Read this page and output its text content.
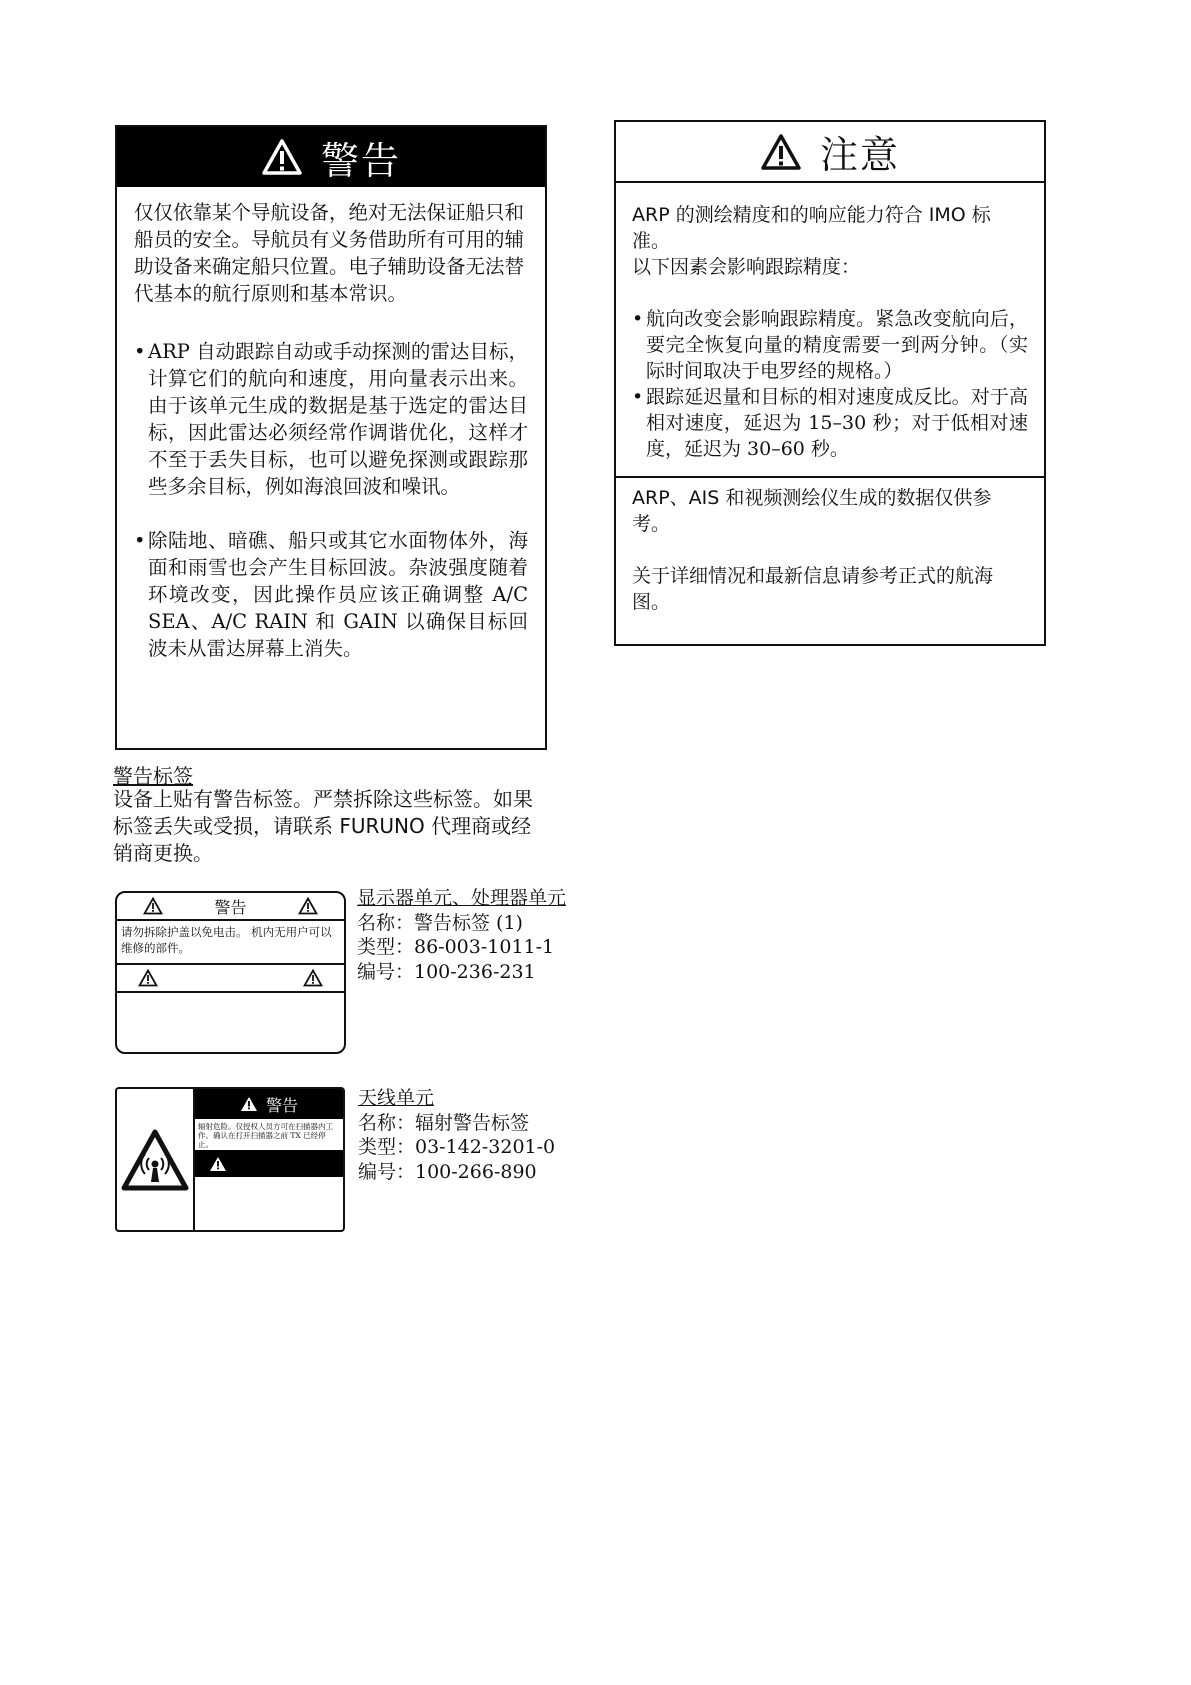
警告

仅仅依靠某个导航设备，绝对无法保证船只和船员的安全。导航员有义务借助所有可用的辅助设备来确定船只位置。电子辅助设备无法替代基本的航行原则和基本常识。

• ARP 自动跟踪自动或手动探测的雷达目标，计算它们的航向和速度，用向量表示出来。由于该单元生成的数据是基于选定的雷达目标，因此雷达必须经常作调谐优化，这样才不至于丢失目标，也可以避免探测或跟踪那些多余目标，例如海浪回波和噪讯。
• 除陆地、暗礁、船只或其它水面物体外，海面和雨雪也会产生目标回波。杂波强度随着环境改变，因此操作员应该正确调整 A/C SEA、A/C RAIN 和 GAIN 以确保目标回波未从雷达屏幕上消失。
注意
ARP 的测绘精度和的响应能力符合 IMO 标准。
以下因素会影响跟踪精度：
• 航向改变会影响跟踪精度。紧急改变航向后，要完全恢复向量的精度需要一到两分钟。（实际时间取决于电罗经的规格。）
• 跟踪延迟量和目标的相对速度成反比。对于高相对速度，延迟为 15–30 秒；对于低相对速度，延迟为 30–60 秒。
ARP、AIS 和视频测绘仪生成的数据仅供参考。
关于详细情况和最新信息请参考正式的航海图。
警告标签
设备上贴有警告标签。严禁拆除这些标签。如果标签丢失或受损，请联系 FURUNO 代理商或经销商更换。
警告
请勿拆除护盖以免电击。 机内无用户可以维修的部件。
显示器单元、处理器单元
名称：警告标签 (1)
类型：86-003-1011-1
编号：100-236-231
警告
辐射危险。仅授权人员方可在扫描器内工作。确认在打开扫描器之前 TX 已经停止。
天线单元
名称：辐射警告标签
类型：03-142-3201-0
编号：100-266-890
